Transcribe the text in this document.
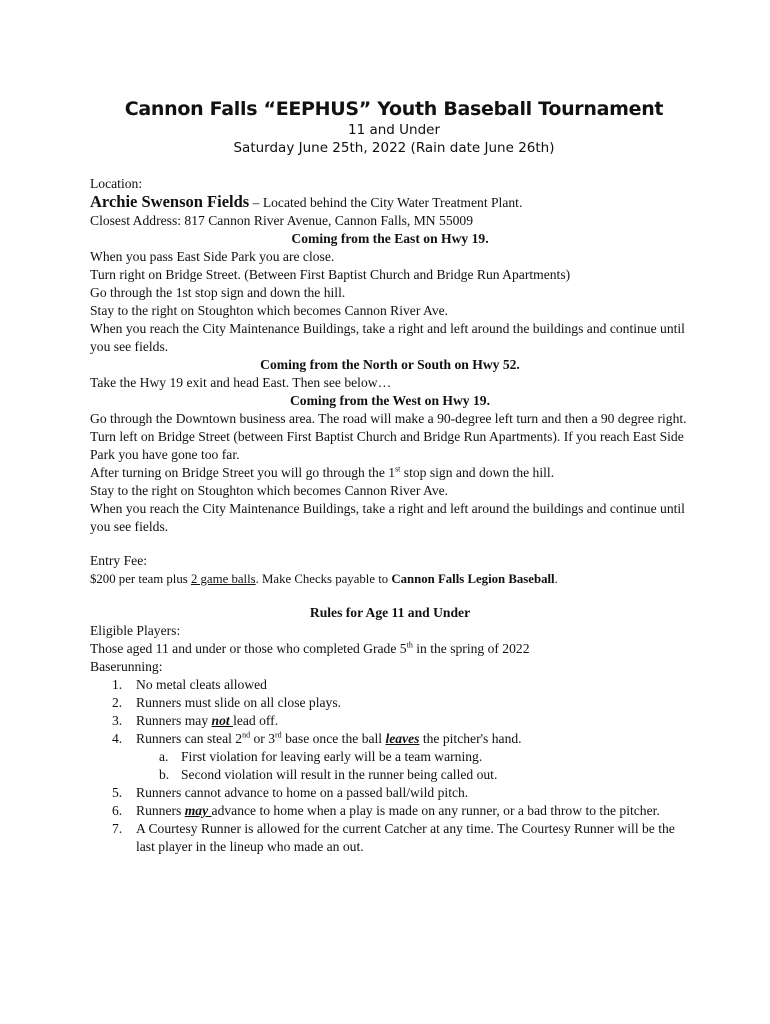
Cannon Falls “EEPHUS” Youth Baseball Tournament
11 and Under
Saturday June 25th, 2022 (Rain date June 26th)
Location:
Archie Swenson Fields – Located behind the City Water Treatment Plant.
Closest Address: 817 Cannon River Avenue, Cannon Falls, MN 55009
Coming from the East on Hwy 19.
When you pass East Side Park you are close.
Turn right on Bridge Street. (Between First Baptist Church and Bridge Run Apartments)
Go through the 1st stop sign and down the hill.
Stay to the right on Stoughton which becomes Cannon River Ave.
When you reach the City Maintenance Buildings, take a right and left around the buildings and continue until you see fields.
Coming from the North or South on Hwy 52.
Take the Hwy 19 exit and head East. Then see below…
Coming from the West on Hwy 19.
Go through the Downtown business area. The road will make a 90-degree left turn and then a 90 degree right.
Turn left on Bridge Street (between First Baptist Church and Bridge Run Apartments). If you reach East Side Park you have gone too far.
After turning on Bridge Street you will go through the 1st stop sign and down the hill.
Stay to the right on Stoughton which becomes Cannon River Ave.
When you reach the City Maintenance Buildings, take a right and left around the buildings and continue until you see fields.
Entry Fee:
$200 per team plus 2 game balls. Make Checks payable to Cannon Falls Legion Baseball.
Rules for Age 11 and Under
Eligible Players:
Those aged 11 and under or those who completed Grade 5th in the spring of 2022
Baserunning:
1. No metal cleats allowed
2. Runners must slide on all close plays.
3. Runners may not lead off.
4. Runners can steal 2nd or 3rd base once the ball leaves the pitcher's hand.
a. First violation for leaving early will be a team warning.
b. Second violation will result in the runner being called out.
5. Runners cannot advance to home on a passed ball/wild pitch.
6. Runners may advance to home when a play is made on any runner, or a bad throw to the pitcher.
7. A Courtesy Runner is allowed for the current Catcher at any time. The Courtesy Runner will be the last player in the lineup who made an out.
